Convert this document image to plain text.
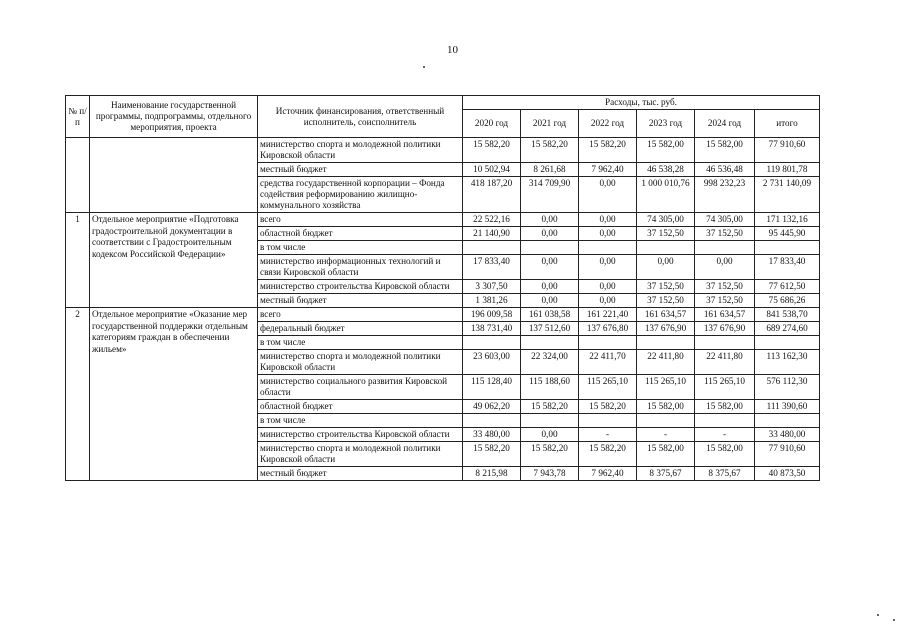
10
№ п/п	Наименование государственной программы, подпрограммы, отдельного мероприятия, проекта	Источник финансирования, ответственный исполнитель, соисполнитель	Расходы, тыс. руб.					
			2020 год	2021 год	2022 год	2023 год	2024 год	итого
		министерство спорта и молодежной политики Кировской области	15 582,20	15 582,20	15 582,20	15 582,00	15 582,00	77 910,60
		местный бюджет	10 502,94	8 261,68	7 962,40	46 538,28	46 536,48	119 801,78
		средства государственной корпорации – Фонда содействия реформированию жилищно-коммунального хозяйства	418 187,20	314 709,90	0,00	1 000 010,76	998 232,23	2 731 140,09
1	Отдельное мероприятие «Подготовка градостроительной документации в соответствии с Градостроительным кодексом Российской Федерации»	всего	22 522,16	0,00	0,00	74 305,00	74 305,00	171 132,16
		областной бюджет	21 140,90	0,00	0,00	37 152,50	37 152,50	95 445,90
		в том числе						
		министерство информационных технологий и связи Кировской области	17 833,40	0,00	0,00	0,00	0,00	17 833,40
		министерство строительства Кировской области	3 307,50	0,00	0,00	37 152,50	37 152,50	77 612,50
		местный бюджет	1 381,26	0,00	0,00	37 152,50	37 152,50	75 686,26
2	Отдельное мероприятие «Оказание мер государственной поддержки отдельным категориям граждан в обеспечении жильем»	всего	196 009,58	161 038,58	161 221,40	161 634,57	161 634,57	841 538,70
		федеральный бюджет	138 731,40	137 512,60	137 676,80	137 676,90	137 676,90	689 274,60
		в том числе						
		министерство спорта и молодежной политики Кировской области	23 603,00	22 324,00	22 411,70	22 411,80	22 411,80	113 162,30
		министерство социального развития Кировской области	115 128,40	115 188,60	115 265,10	115 265,10	115 265,10	576 112,30
		областной бюджет	49 062,20	15 582,20	15 582,20	15 582,00	15 582,00	111 390,60
		в том числе						
		министерство строительства Кировской области	33 480,00	0,00	-	-	-	33 480,00
		министерство спорта и молодежной политики Кировской области	15 582,20	15 582,20	15 582,20	15 582,00	15 582,00	77 910,60
		местный бюджет	8 215,98	7 943,78	7 962,40	8 375,67	8 375,67	40 873,50
